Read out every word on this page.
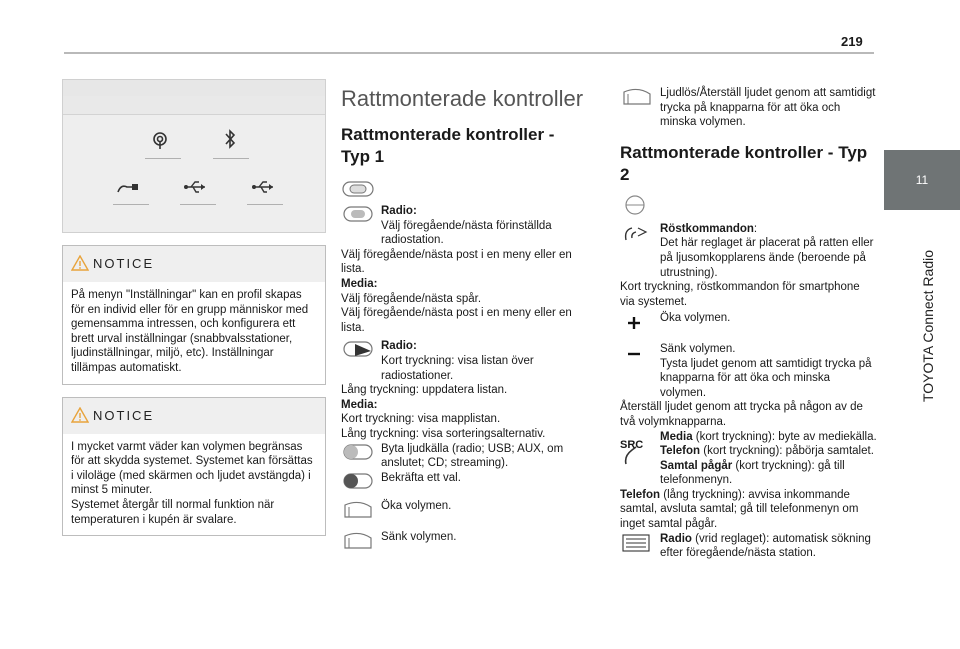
219
11
TOYOTA Connect Radio
NOTICE
På menyn "Inställningar" kan en profil skapas för en individ eller för en grupp människor med gemensamma intressen, och konfigurera ett brett urval inställningar (snabbvalsstationer, ljudinställningar, miljö, etc). Inställningar tillämpas automatiskt.
NOTICE

I mycket varmt väder kan volymen begränsas för att skydda systemet. Systemet kan försättas i viloläge (med skärmen och ljudet avstängda) i minst 5 minuter.

Systemet återgår till normal funktion när temperaturen i kupén är svalare.

Rattmonterade kontroller
Rattmonterade kontroller - Typ 1

Radio:

Välj föregående/nästa förinställda radiostation.

Välj föregående/nästa post i en meny eller en lista.

Media:

Välj föregående/nästa spår.

Välj föregående/nästa post i en meny eller en lista.

Radio:

Kort tryckning: visa listan över radiostationer.

Lång tryckning: uppdatera listan.

Media:

Kort tryckning: visa mapplistan.

Lång tryckning: visa sorteringsalternativ.

Byta ljudkälla (radio; USB; AUX, om anslutet; CD; streaming).

Bekräfta ett val.

Öka volymen.

Sänk volymen.

Ljudlös/Återställ ljudet genom att samtidigt trycka på knapparna för att öka och minska volymen.

Rattmonterade kontroller - Typ 2

Röstkommandon:

Det här reglaget är placerat på ratten eller på ljusomkopplarens ände (beroende på utrustning).

Kort tryckning, röstkommandon för smartphone via systemet.

Öka volymen.

Sänk volymen.

Tysta ljudet genom att samtidigt trycka på knapparna för att öka och minska volymen.

Återställ ljudet genom att trycka på någon av de två volymknapparna.

SRC

Media (kort tryckning): byte av mediekälla.

Telefon (kort tryckning): påbörja samtalet.

Samtal pågår (kort tryckning): gå till telefonmenyn.

Telefon (lång tryckning): avvisa inkommande samtal, avsluta samtal; gå till telefonmenyn om inget samtal pågår.

Radio (vrid reglaget): automatisk sökning efter föregående/nästa station.
